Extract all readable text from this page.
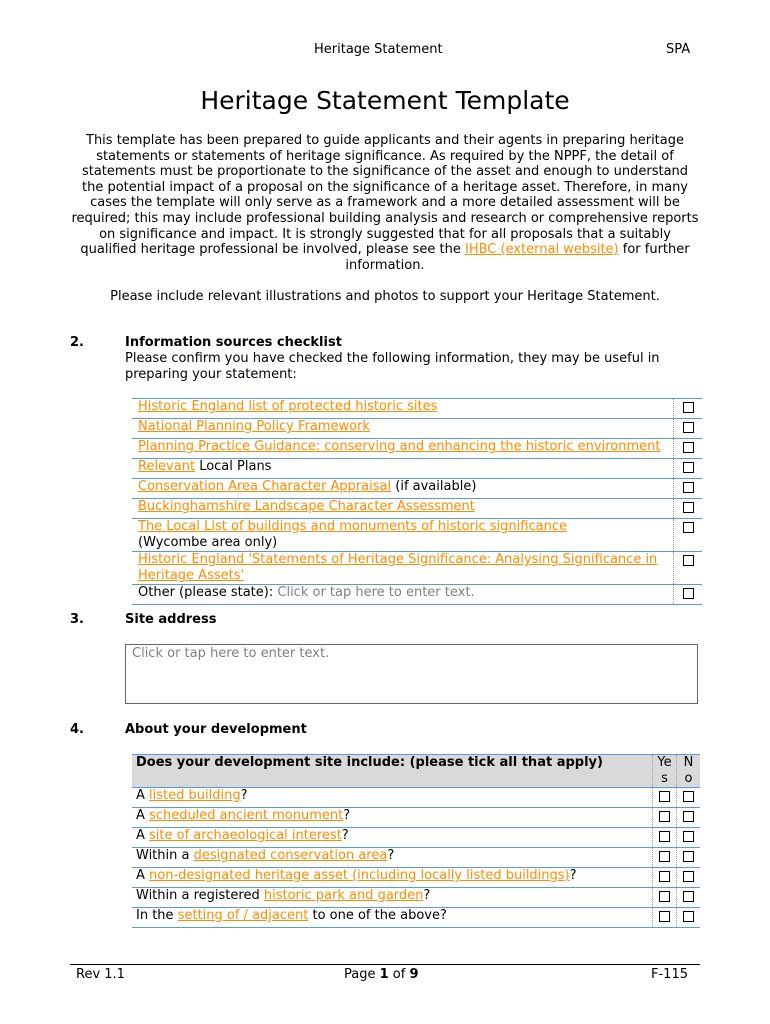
Heritage Statement	SPA
Heritage Statement Template

This template has been prepared to guide applicants and their agents in preparing heritage statements or statements of heritage significance. As required by the NPPF, the detail of statements must be proportionate to the significance of the asset and enough to understand the potential impact of a proposal on the significance of a heritage asset. Therefore, in many cases the template will only serve as a framework and a more detailed assessment will be required; this may include professional building analysis and research or comprehensive reports on significance and impact. It is strongly suggested that for all proposals that a suitably qualified heritage professional be involved, please see the IHBC (external website) for further information.

Please include relevant illustrations and photos to support your Heritage Statement.

2.	Information sources checklist

Please confirm you have checked the following information, they may be useful in preparing your statement:

Historic England list of protected historic sites	
National Planning Policy Framework	
Planning Practice Guidance: conserving and enhancing the historic environment	
Relevant Local Plans	
Conservation Area Character Appraisal (if available)	
Buckinghamshire Landscape Character Assessment	
The Local List of buildings and monuments of historic significance
(Wycombe area only)	
Historic England 'Statements of Heritage Significance: Analysing Significance in Heritage Assets'	
Other (please state): Click or tap here to enter text.	
3.	Site address
Click or tap here to enter text.
4.	About your development
Does your development site include: (please tick all that apply)	Ye s	N o
A listed building?		
A scheduled ancient monument?		
A site of archaeological interest?		
Within a designated conservation area?		
A non-designated heritage asset (including locally listed buildings)?		
Within a registered historic park and garden?		
In the setting of / adjacent to one of the above?		
Rev 1.1	Page 1 of 9	F-115
